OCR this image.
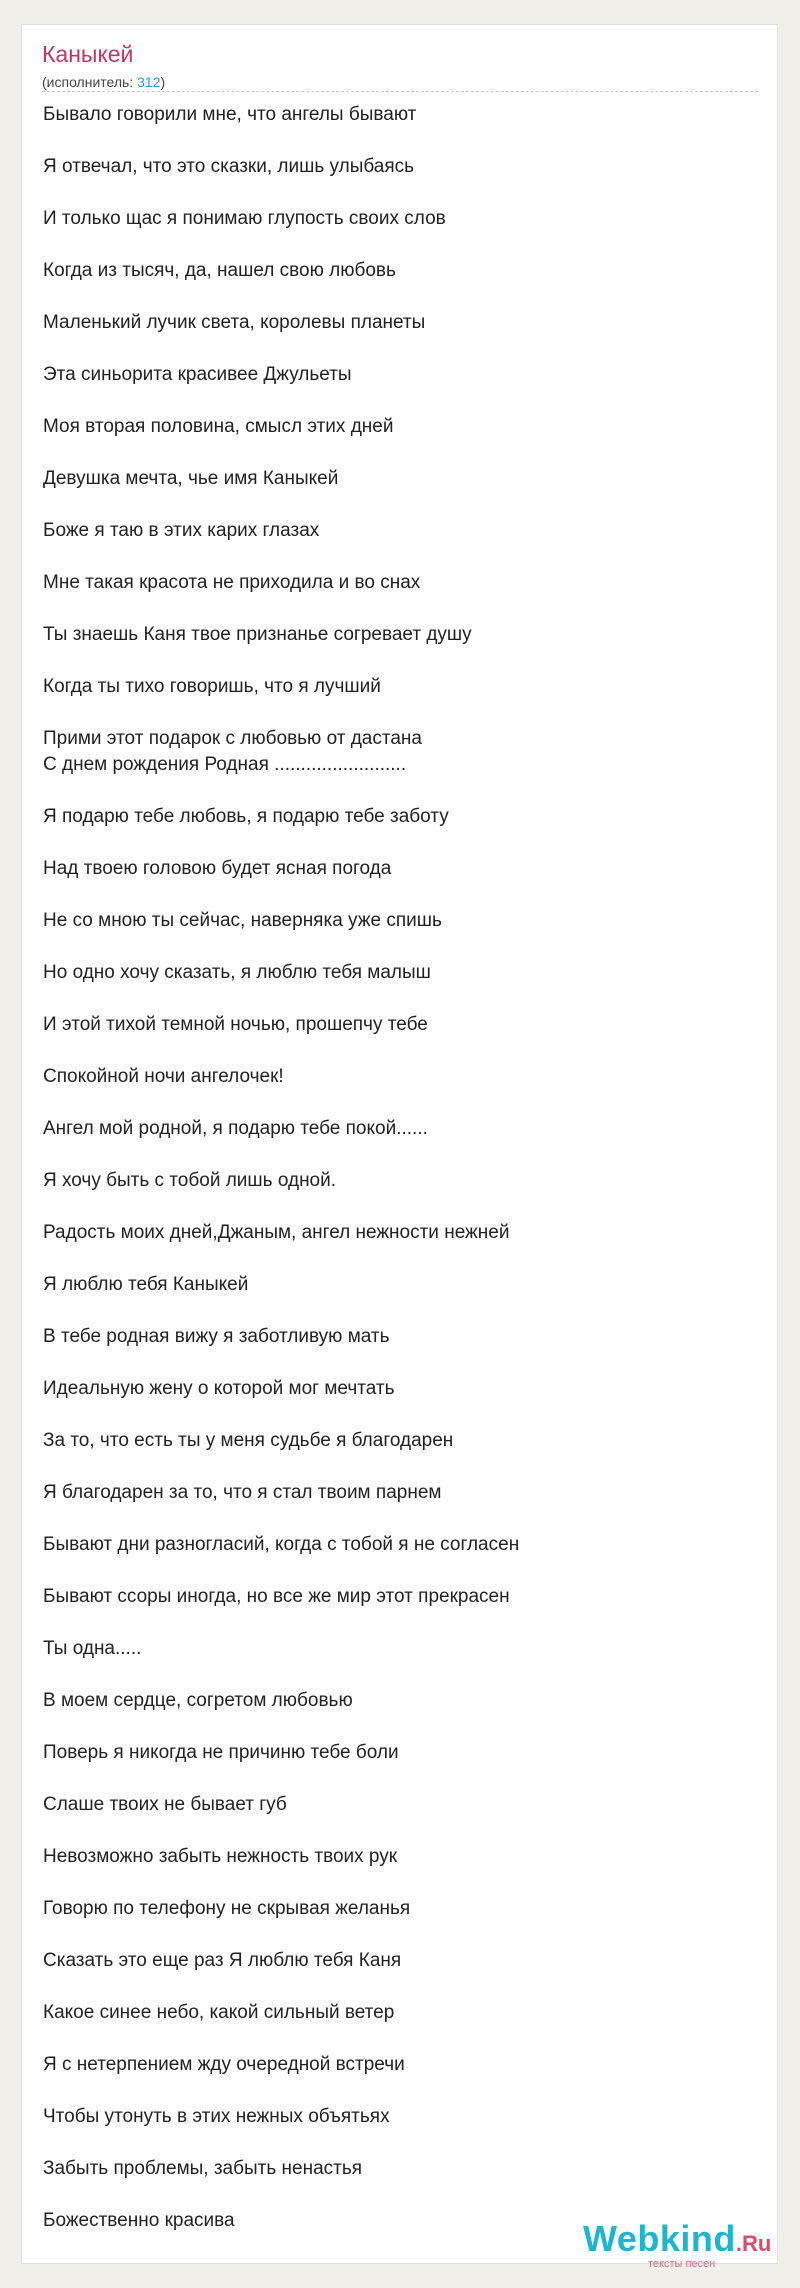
Каныкей
(исполнитель: 312)

Бывало говорили мне, что ангелы бывают

Я отвечал, что это сказки, лишь улыбаясь

И только щас я понимаю глупость своих слов

Когда из тысяч, да, нашел свою любовь

Маленький лучик света, королевы планеты

Эта синьорита красивее Джульеты

Моя вторая половина, смысл этих дней

Девушка мечта, чье имя Каныкей

Боже я таю в этих карих глазах

Мне такая красота не приходила и во снах

Ты знаешь Каня твое признанье согревает душу

Когда ты тихо говоришь, что я лучший

Прими этот подарок с любовью от дастана
С днем рождения Родная .........................

Я подарю тебе любовь, я подарю тебе заботу

Над твоею головою будет ясная погода

Не со мною ты сейчас, наверняка уже спишь

Но одно хочу сказать, я люблю тебя малыш

И этой тихой темной ночью, прошепчу тебе

Спокойной ночи ангелочек!

Ангел мой родной, я подарю тебе покой......

Я хочу быть с тобой лишь одной.

Радость моих дней,Джаным, ангел нежности нежней

Я люблю тебя Каныкей

В тебе родная вижу я заботливую мать

Идеальную жену о которой мог мечтать

За то, что есть ты у меня судьбе я благодарен

Я благодарен за то, что я стал твоим парнем

Бывают дни разногласий, когда с тобой я не согласен

Бывают ссоры иногда, но все же мир этот прекрасен

Ты одна.....

В моем сердце, согретом любовью

Поверь я никогда не причиню тебе боли

Слаше твоих не бывает губ

Невозможно забыть нежность твоих рук

Говорю по телефону не скрывая желанья

Сказать это еще раз Я люблю тебя Каня

Какое синее небо, какой сильный ветер

Я с нетерпением жду очередной встречи

Чтобы утонуть в этих нежных объятьях

Забыть проблемы, забыть ненастья

Божественно красива	Webkind.Ru
тексты песен
